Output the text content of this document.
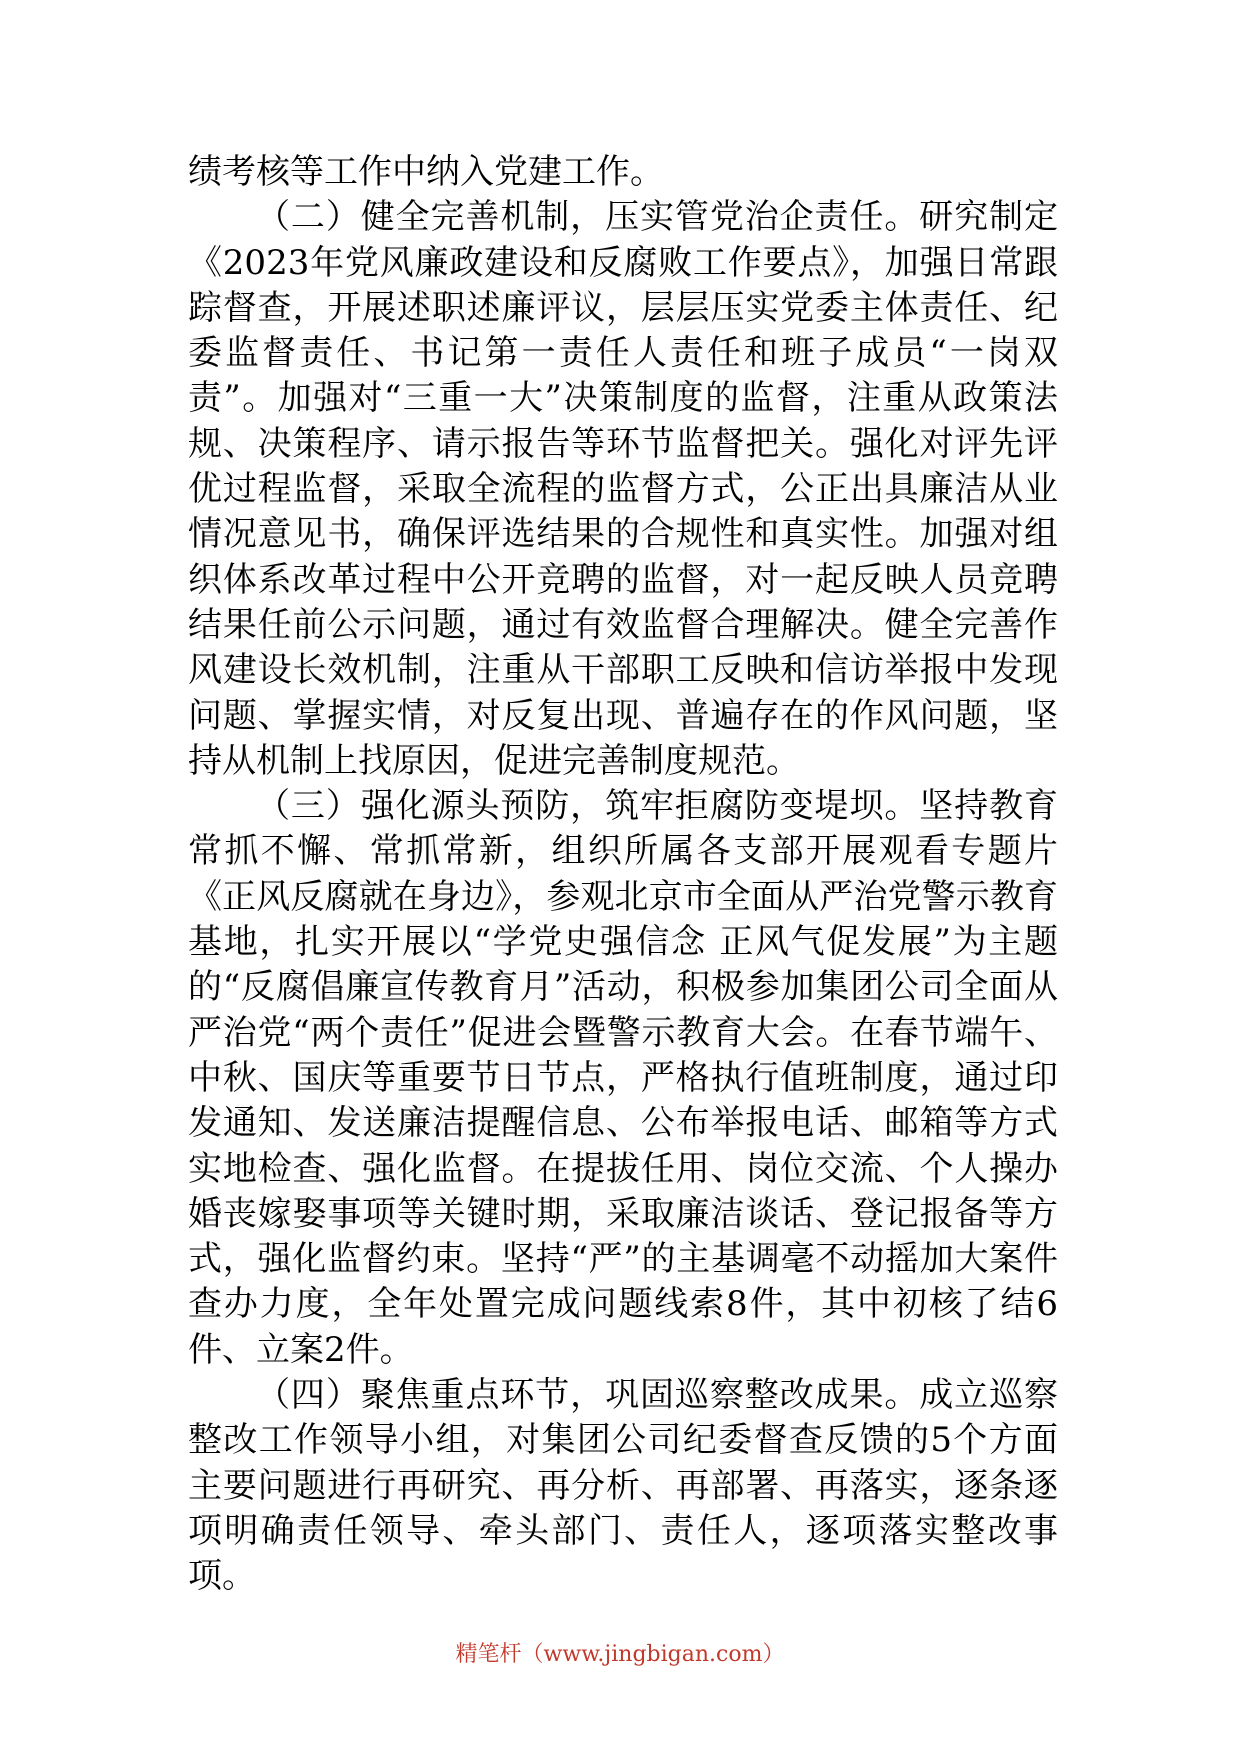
绩考核等工作中纳入党建工作。

（二）健全完善机制，压实管党治企责任。研究制定《2023年党风廉政建设和反腐败工作要点》，加强日常跟踪督查，开展述职述廉评议，层层压实党委主体责任、纪委监督责任、书记第一责任人责任和班子成员“一岗双责”。加强对“三重一大”决策制度的监督，注重从政策法规、决策程序、请示报告等环节监督把关。强化对评先评优过程监督，采取全流程的监督方式，公正出具廉洁从业情况意见书，确保评选结果的合规性和真实性。加强对组织体系改革过程中公开竞聘的监督，对一起反映人员竞聘结果任前公示问题，通过有效监督合理解决。健全完善作风建设长效机制，注重从干部职工反映和信访举报中发现问题、掌握实情，对反复出现、普遍存在的作风问题，坚持从机制上找原因，促进完善制度规范。

（三）强化源头预防，筑牢拒腐防变堤坝。坚持教育常抓不懈、常抓常新，组织所属各支部开展观看专题片《正风反腐就在身边》，参观北京市全面从严治党警示教育基地，扎实开展以“学党史强信念 正风气促发展”为主题的“反腐倡廉宣传教育月”活动，积极参加集团公司全面从严治党“两个责任”促进会暨警示教育大会。在春节端午、中秋、国庆等重要节日节点，严格执行值班制度，通过印发通知、发送廉洁提醒信息、公布举报电话、邮箱等方式实地检查、强化监督。在提拔任用、岗位交流、个人操办婚丧嫁娶事项等关键时期，采取廉洁谈话、登记报备等方式，强化监督约束。坚持“严”的主基调毫不动摇加大案件查办力度，全年处置完成问题线索8件，其中初核了结6件、立案2件。

（四）聚焦重点环节，巩固巡察整改成果。成立巡察整改工作领导小组，对集团公司纪委督查反馈的5个方面主要问题进行再研究、再分析、再部署、再落实，逐条逐项明确责任领导、牵头部门、责任人，逐项落实整改事项。

精笔杆（www.jingbigan.com）
